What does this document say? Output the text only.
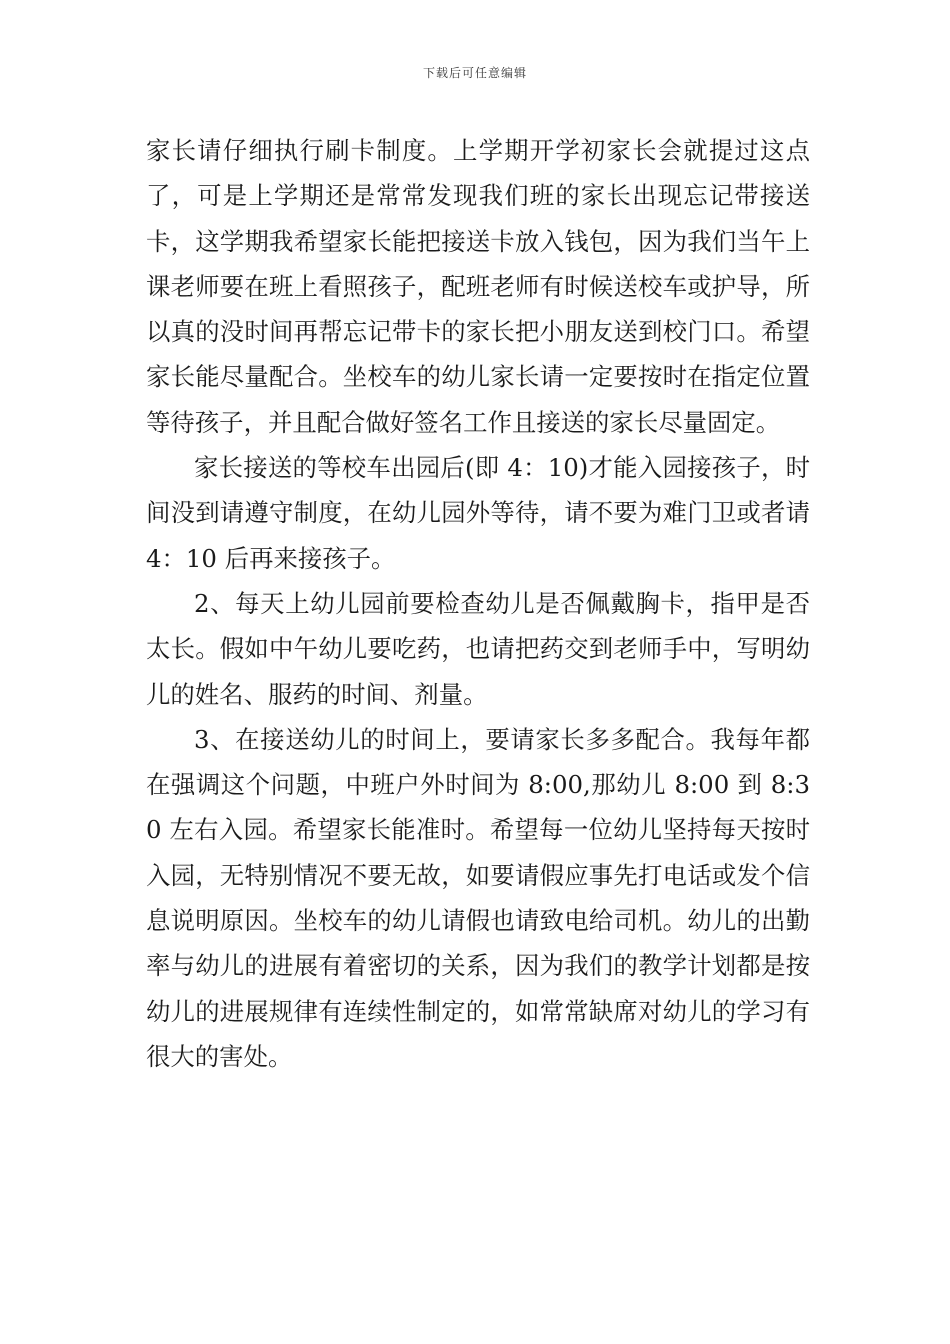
下载后可任意编辑

家长请仔细执行刷卡制度。上学期开学初家长会就提过这点了，可是上学期还是常常发现我们班的家长出现忘记带接送卡，这学期我希望家长能把接送卡放入钱包，因为我们当午上课老师要在班上看照孩子，配班老师有时候送校车或护导，所以真的没时间再帮忘记带卡的家长把小朋友送到校门口。希望家长能尽量配合。坐校车的幼儿家长请一定要按时在指定位置等待孩子，并且配合做好签名工作且接送的家长尽量固定。

家长接送的等校车出园后(即 4：10)才能入园接孩子，时间没到请遵守制度，在幼儿园外等待，请不要为难门卫或者请 4：10 后再来接孩子。

2、每天上幼儿园前要检查幼儿是否佩戴胸卡，指甲是否太长。假如中午幼儿要吃药，也请把药交到老师手中，写明幼儿的姓名、服药的时间、剂量。

3、在接送幼儿的时间上，要请家长多多配合。我每年都在强调这个问题，中班户外时间为 8:00,那幼儿 8:00 到 8:30 左右入园。希望家长能准时。希望每一位幼儿坚持每天按时入园，无特别情况不要无故，如要请假应事先打电话或发个信息说明原因。坐校车的幼儿请假也请致电给司机。幼儿的出勤率与幼儿的进展有着密切的关系，因为我们的教学计划都是按幼儿的进展规律有连续性制定的，如常常缺席对幼儿的学习有很大的害处。
